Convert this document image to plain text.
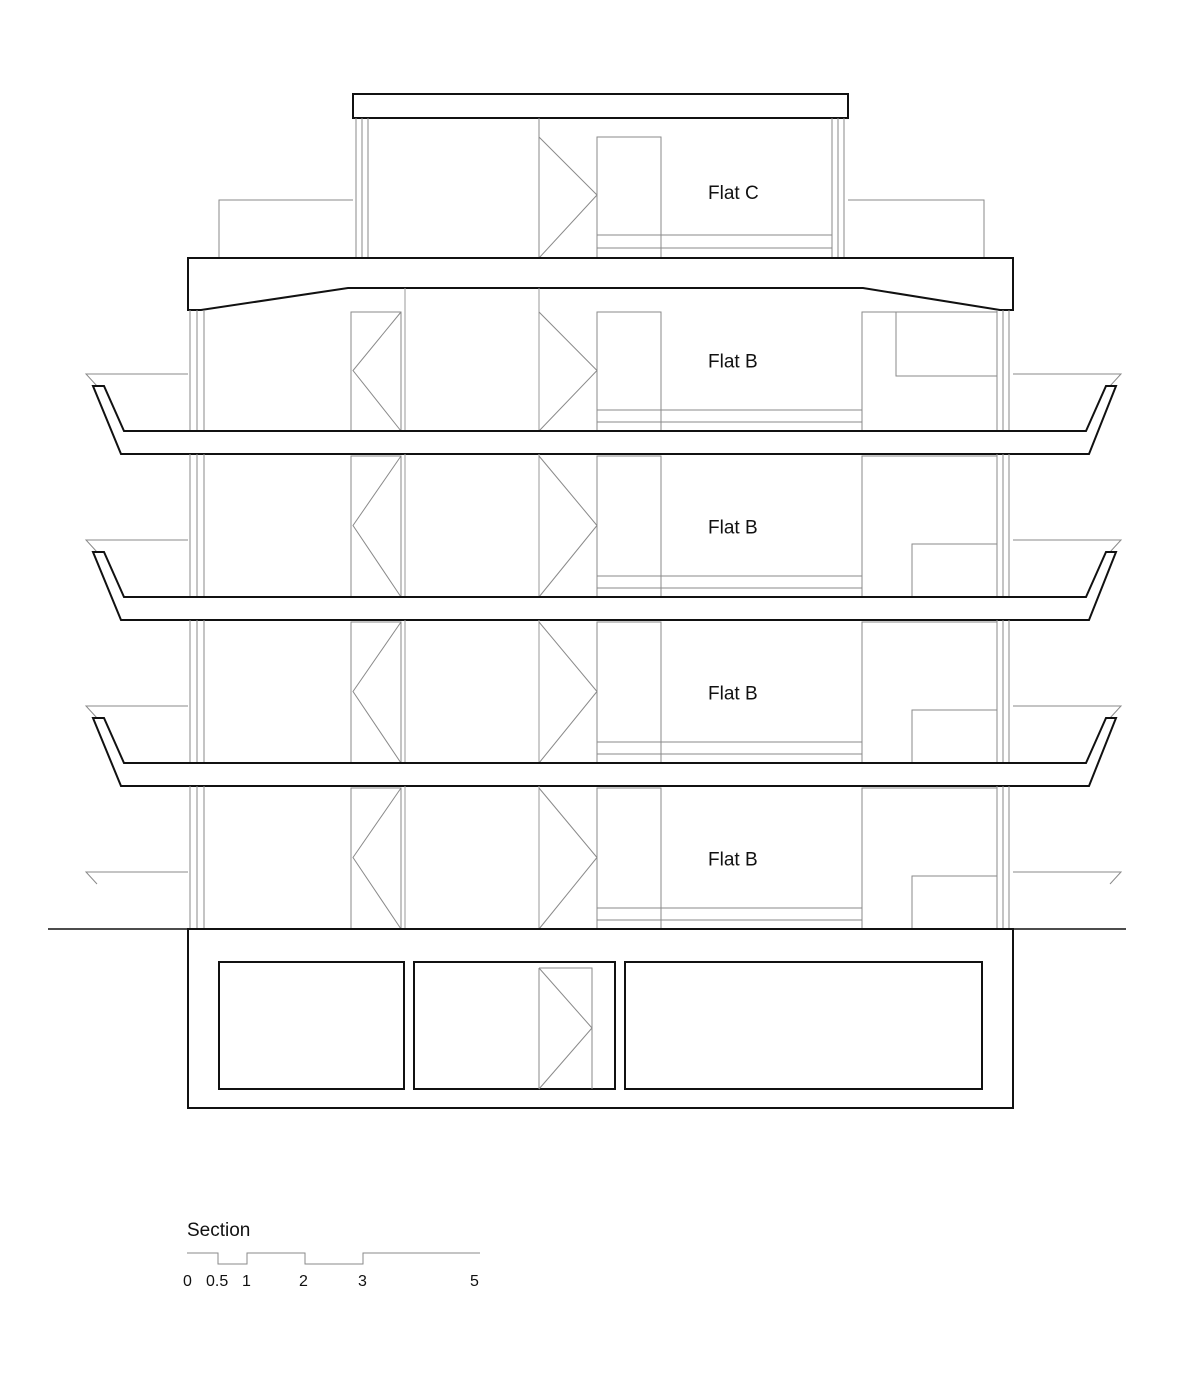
Flat C
Flat B
Flat B
Flat B
Flat B
Section
0 0.5 1	2	3	5
